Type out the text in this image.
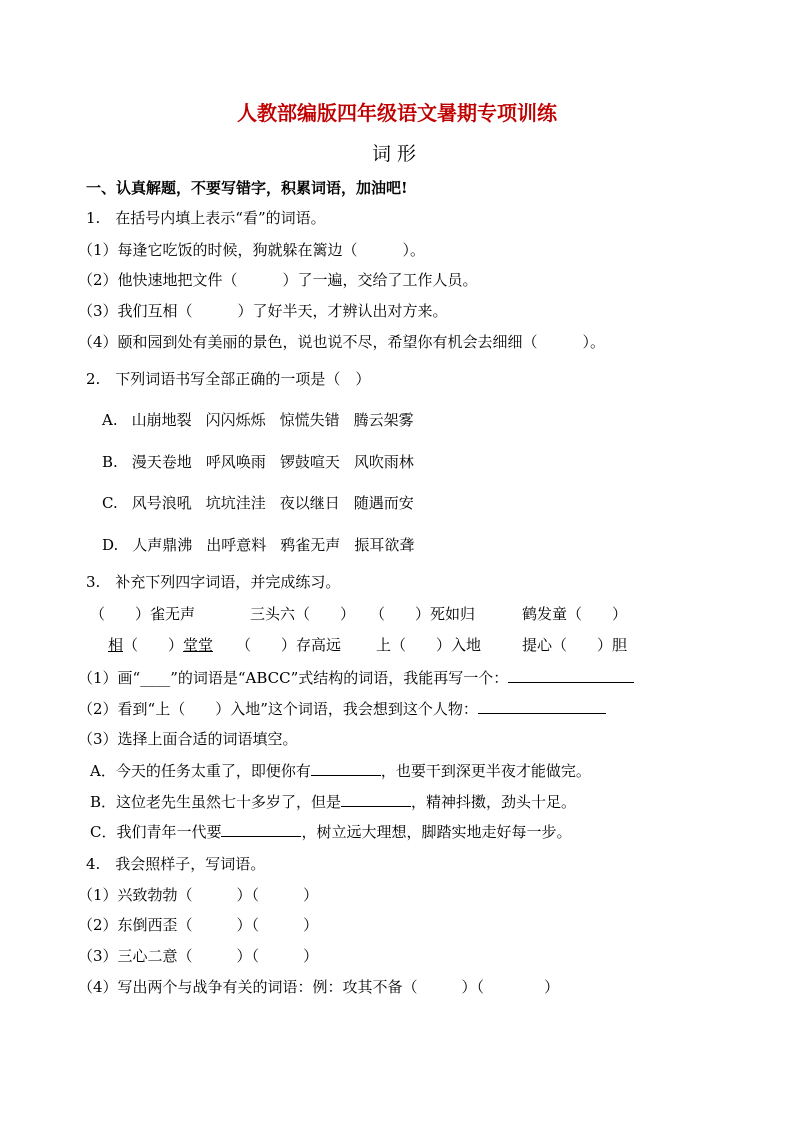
人教部编版四年级语文暑期专项训练
词形
一、认真解题，不要写错字，积累词语，加油吧!
1.　在括号内填上表示“看”的词语。
（1）每逢它吃饭的时候，狗就躲在篱边（　　　）。
（2）他快速地把文件（　　　）了一遍，交给了工作人员。
（3）我们互相（　　　）了好半天，才辨认出对方来。
（4）颐和园到处有美丽的景色，说也说不尽，希望你有机会去细细（　　　）。
2.　下列词语书写全部正确的一项是（　）
A. 山崩地裂 闪闪烁烁 惊慌失错 腾云架雾
B. 漫天卷地 呼风唤雨 锣鼓喧天 风吹雨林
C. 风号浪吼 坑坑洼洼 夜以继日 随遇而安
D. 人声鼎沸 出呼意料 鸦雀无声 振耳欲聋
3.　补充下列四字词语，并完成练习。
（　　）雀无声	三头六（　　） （　　）死如归	鹤发童（　　）
相（　　）堂堂 （　　）存高远 上（　　）入地	提心（　　）胆
（1）画“____”的词语是“ABCC”式结构的词语，我能再写一个：
（2）看到“上（　　）入地”这个词语，我会想到这个人物：
（3）选择上面合适的词语填空。
A．今天的任务太重了，即便你有	，也要干到深更半夜才能做完。
B．这位老先生虽然七十多岁了，但是	，精神抖擞，劲头十足。
C．我们青年一代要	，树立远大理想，脚踏实地走好每一步。
4.　我会照样子，写词语。
（1）兴致勃勃（	）（	）
（2）东倒西歪（	）（	）
（3）三心二意（	）（	）
（4）写出两个与战争有关的词语：例：攻其不备（	）（	）
